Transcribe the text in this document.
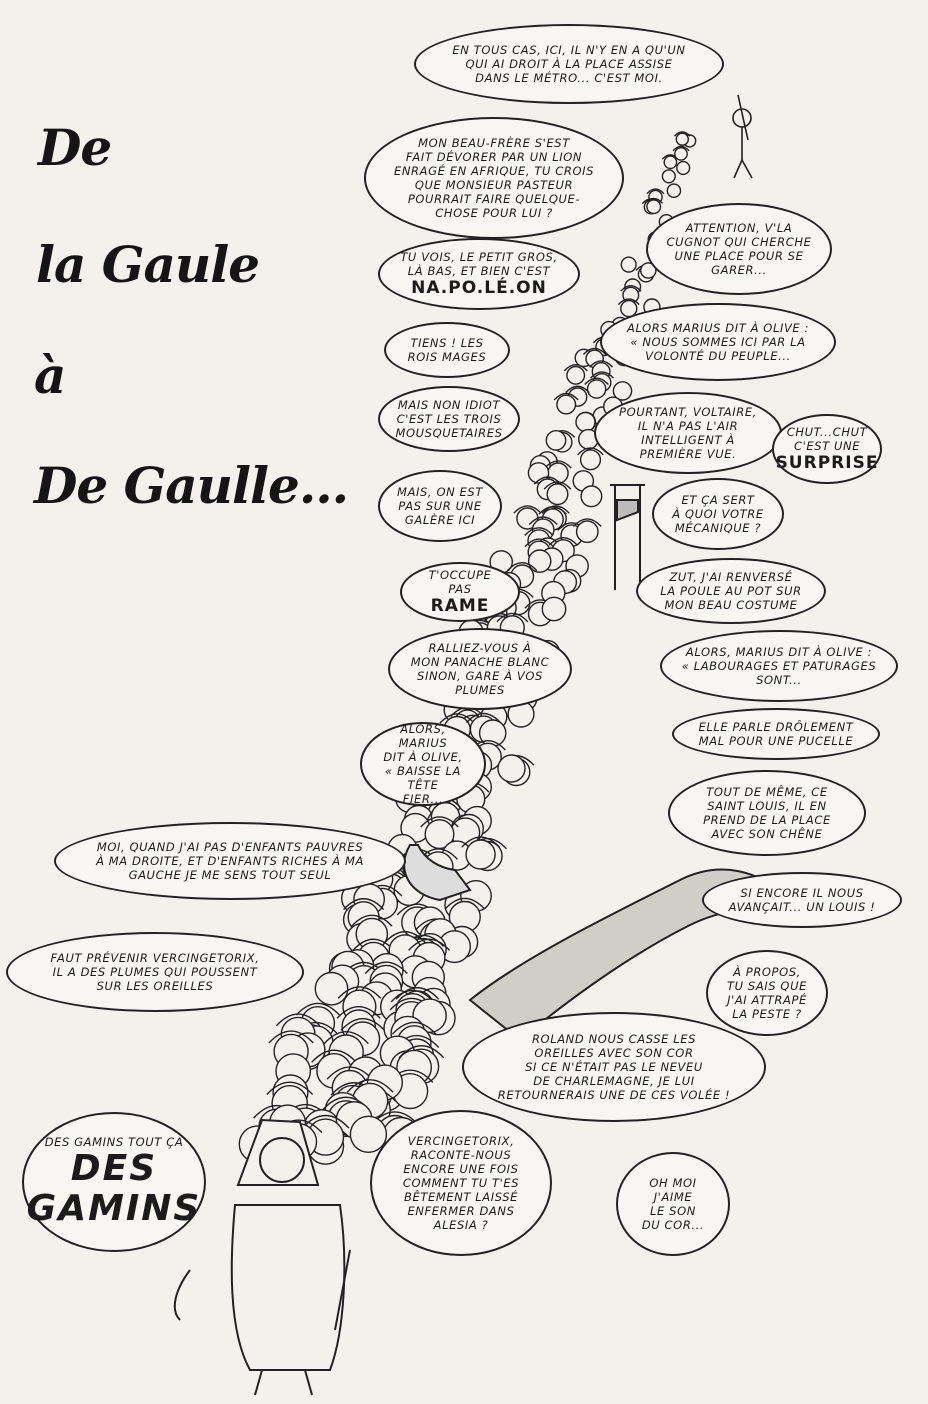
De
la Gaule
à
De Gaulle...
EN TOUS CAS, ICI, IL N'Y EN A QU'UN
QUI AI DROIT À LA PLACE ASSISE
DANS LE MÉTRO... C'EST MOI.
MON BEAU-FRÈRE S'EST
FAIT DÉVORER PAR UN LION
ENRAGÉ EN AFRIQUE, TU CROIS
QUE MONSIEUR PASTEUR
POURRAIT FAIRE QUELQUE-
CHOSE POUR LUI ?
ATTENTION, V'LA
CUGNOT QUI CHERCHE
UNE PLACE POUR SE
GARER...
TU VOIS, LE PETIT GROS,
LÀ BAS, ET BIEN C'EST
NA.PO.LÉ.ON
TIENS ! LES
ROIS MAGES
ALORS MARIUS DIT À OLIVE :
« NOUS SOMMES ICI PAR LA
VOLONTÉ DU PEUPLE...
MAIS NON IDIOT
C'EST LES TROIS
MOUSQUETAIRES
POURTANT, VOLTAIRE,
IL N'A PAS L'AIR
INTELLIGENT À
PREMIÈRE VUE.
CHUT...CHUT
C'EST UNE
SURPRISE
MAIS, ON EST
PAS SUR UNE
GALÈRE ICI
ET ÇA SERT
À QUOI VOTRE
MÉCANIQUE ?
T'OCCUPE PAS
RAME
ZUT, J'AI RENVERSÉ
LA POULE AU POT SUR
MON BEAU COSTUME
RALLIEZ-VOUS À
MON PANACHE BLANC
SINON, GARE À VOS
PLUMES
ALORS, MARIUS DIT À OLIVE :
« LABOURAGES ET PATURAGES
SONT...
ELLE PARLE DRÔLEMENT
MAL POUR UNE PUCELLE
ALORS, MARIUS
DIT À OLIVE,
« BAISSE LA TÊTE
FIER...	TOUT DE MÊME, CE
SAINT LOUIS, IL EN
PREND DE LA PLACE
AVEC SON CHÊNE
MOI, QUAND J'AI PAS D'ENFANTS PAUVRES
À MA DROITE, ET D'ENFANTS RICHES À MA
GAUCHE JE ME SENS TOUT SEUL
SI ENCORE IL NOUS
AVANÇAIT... UN LOUIS !
FAUT PRÉVENIR VERCINGETORIX,
IL A DES PLUMES QUI POUSSENT
SUR LES OREILLES
À PROPOS,
TU SAIS QUE
J'AI ATTRAPÉ
LA PESTE ?
ROLAND NOUS CASSE LES
OREILLES AVEC SON COR
SI CE N'ÉTAIT PAS LE NEVEU
DE CHARLEMAGNE, JE LUI
RETOURNERAIS UNE DE CES VOLÉE !
DES GAMINS TOUT ÇA
DES
GAMINS
VERCINGETORIX,
RACONTE-NOUS
ENCORE UNE FOIS
COMMENT TU T'ES
BÊTEMENT LAISSÉ
ENFERMER DANS
ALESIA ?
OH MOI
J'AIME
LE SON
DU COR...
